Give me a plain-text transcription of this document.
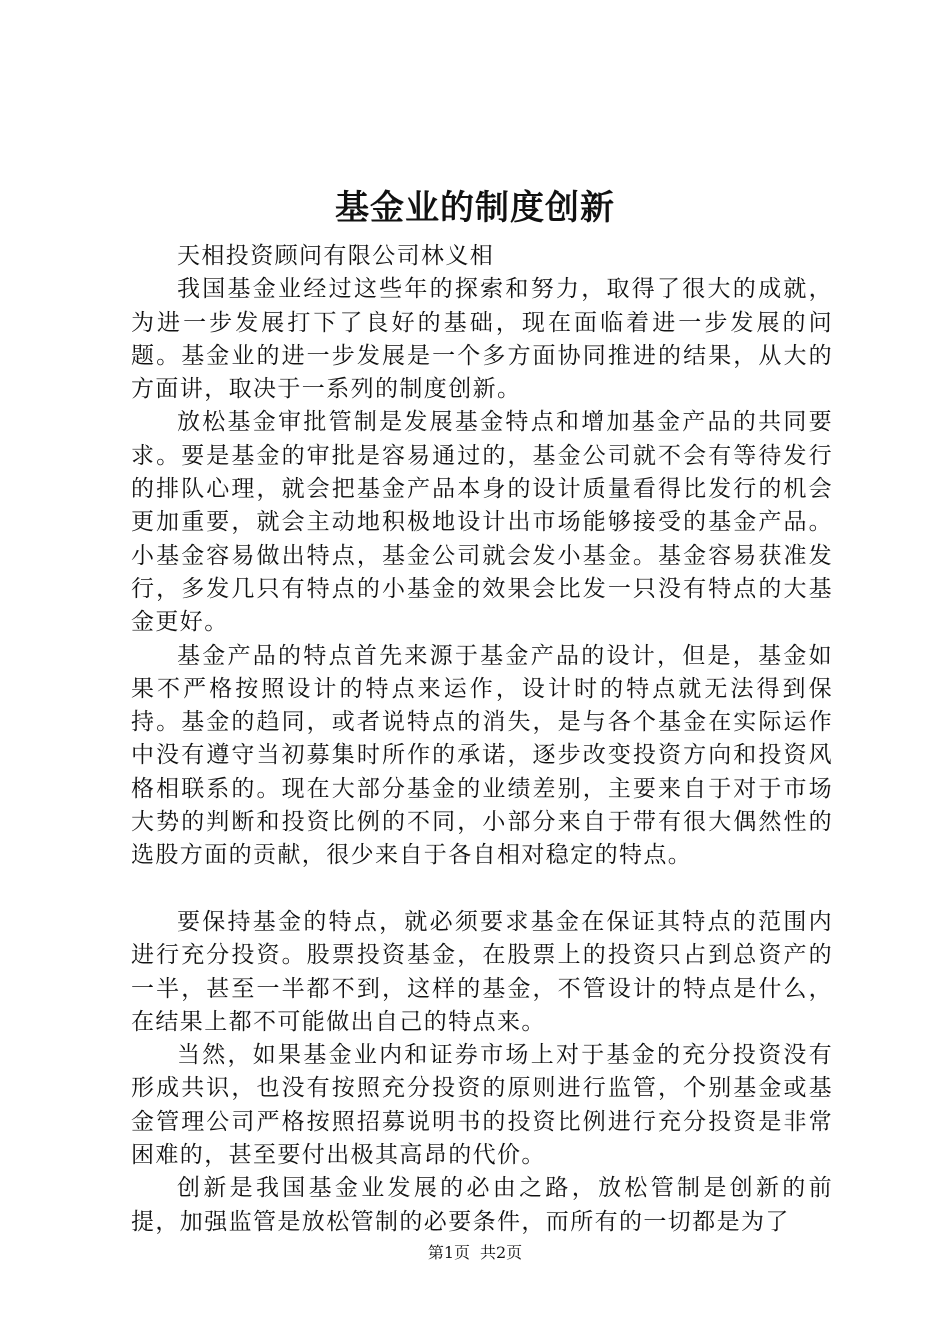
基金业的制度创新

天相投资顾问有限公司林义相

我国基金业经过这些年的探索和努力，取得了很大的成就，为进一步发展打下了良好的基础，现在面临着进一步发展的问题。基金业的进一步发展是一个多方面协同推进的结果，从大的方面讲，取决于一系列的制度创新。

放松基金审批管制是发展基金特点和增加基金产品的共同要求。要是基金的审批是容易通过的，基金公司就不会有等待发行的排队心理，就会把基金产品本身的设计质量看得比发行的机会更加重要，就会主动地积极地设计出市场能够接受的基金产品。小基金容易做出特点，基金公司就会发小基金。基金容易获准发行，多发几只有特点的小基金的效果会比发一只没有特点的大基金更好。

基金产品的特点首先来源于基金产品的设计，但是，基金如果不严格按照设计的特点来运作，设计时的特点就无法得到保持。基金的趋同，或者说特点的消失，是与各个基金在实际运作中没有遵守当初募集时所作的承诺，逐步改变投资方向和投资风格相联系的。现在大部分基金的业绩差别，主要来自于对于市场大势的判断和投资比例的不同，小部分来自于带有很大偶然性的选股方面的贡献，很少来自于各自相对稳定的特点。

要保持基金的特点，就必须要求基金在保证其特点的范围内进行充分投资。股票投资基金，在股票上的投资只占到总资产的一半，甚至一半都不到，这样的基金，不管设计的特点是什么，在结果上都不可能做出自己的特点来。

当然，如果基金业内和证券市场上对于基金的充分投资没有形成共识，也没有按照充分投资的原则进行监管，个别基金或基金管理公司严格按照招募说明书的投资比例进行充分投资是非常困难的，甚至要付出极其高昂的代价。

创新是我国基金业发展的必由之路，放松管制是创新的前提，加强监管是放松管制的必要条件，而所有的一切都是为了

第1页 共2页
